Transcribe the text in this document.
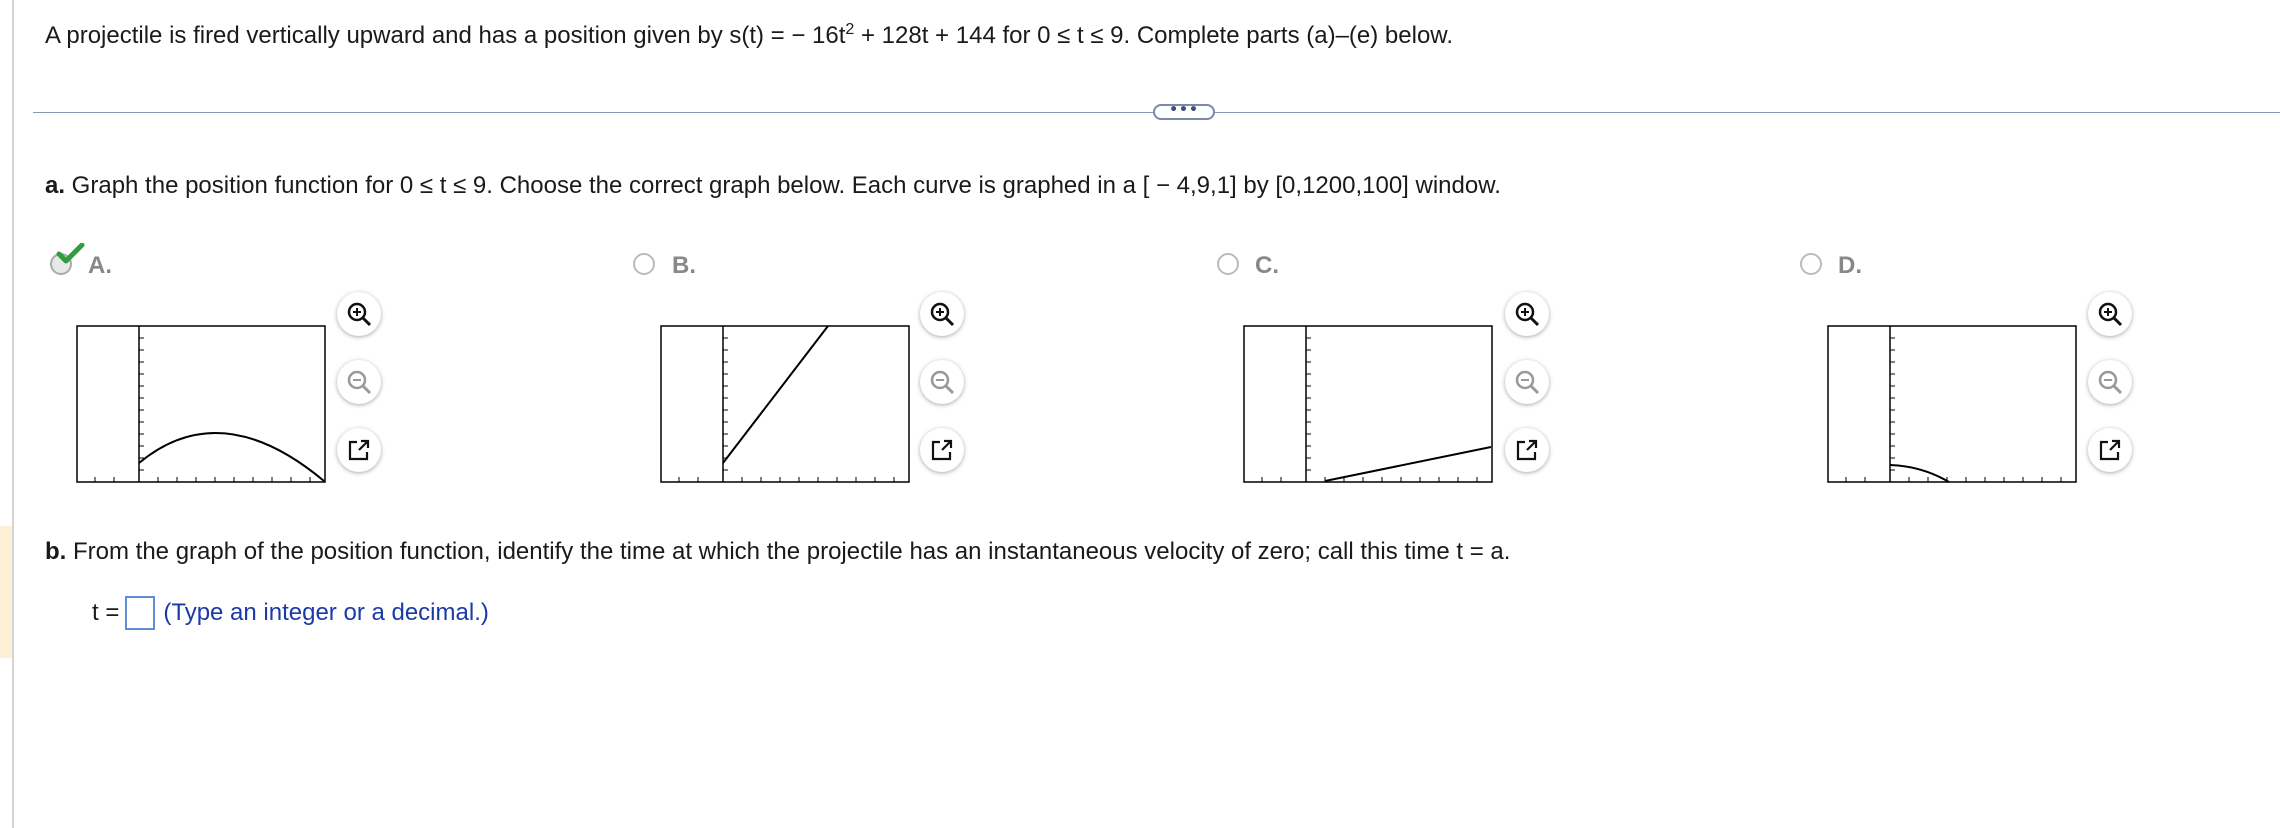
A projectile is fired vertically upward and has a position given by s(t) = − $16t^2 + 128t + 144$ for 0 ≤ t ≤ 9. Complete parts (a)–(e) below.
•••
a. Graph the position function for 0 ≤ t ≤ 9. Choose the correct graph below. Each curve is graphed in a [ − 4,9,1] by [0,1200,100] window.
A.	B.	C.	D.
b. From the graph of the position function, identify the time at which the projectile has an instantaneous velocity of zero; call this time t = a.
t = (Type an integer or a decimal.)
